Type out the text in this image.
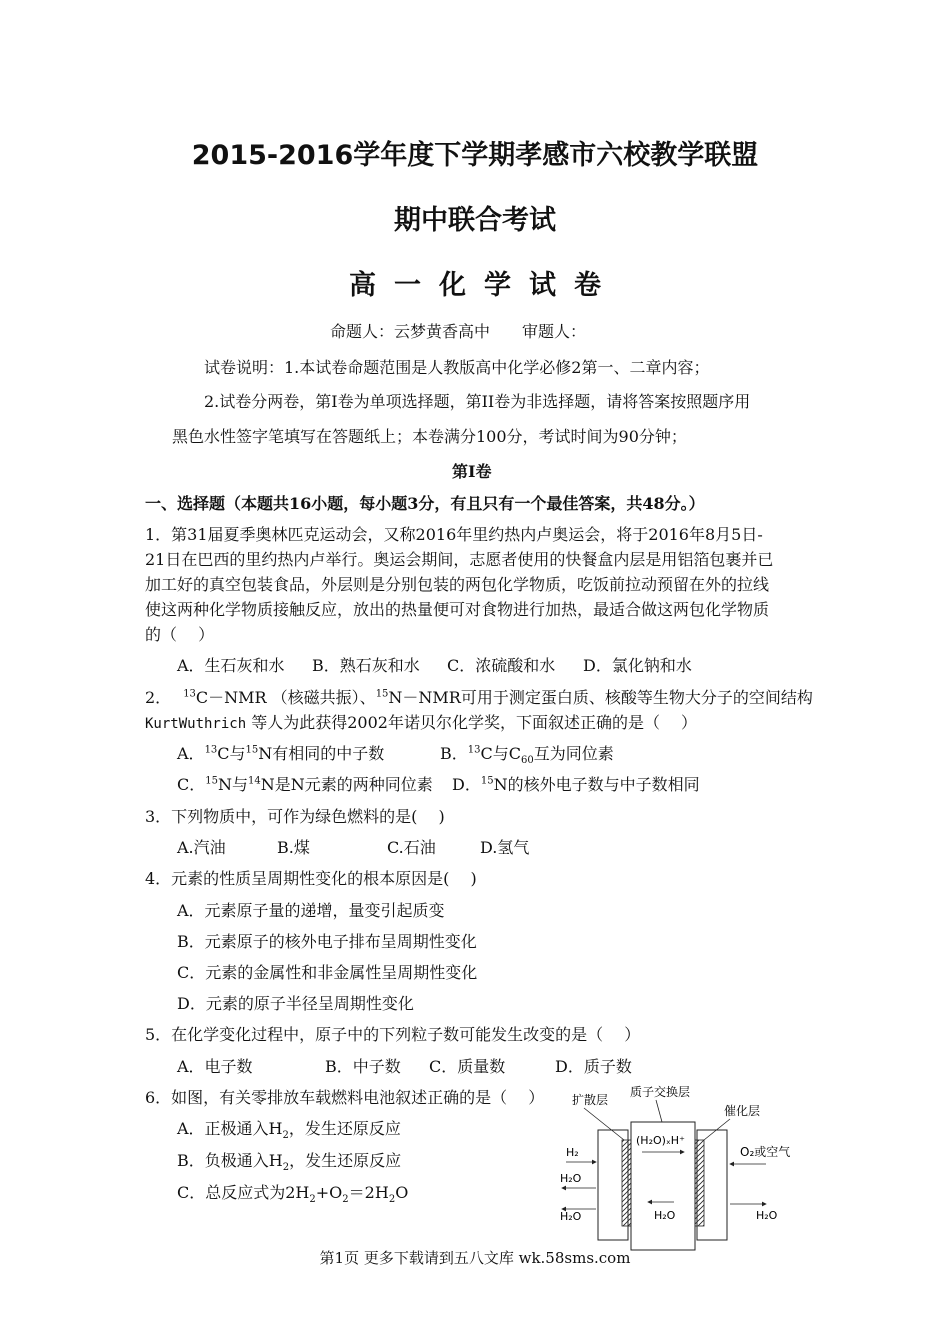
2015-2016学年度下学期孝感市六校教学联盟
期中联合考试
高一化学试卷
命题人：云梦黄香高中　　审题人：
试卷说明：1.本试卷命题范围是人教版高中化学必修2第一、二章内容；
2.试卷分两卷，第Ⅰ卷为单项选择题，第II卷为非选择题，请将答案按照题序用
黑色水性签字笔填写在答题纸上；本卷满分100分，考试时间为90分钟；
第Ⅰ卷
一、选择题（本题共16小题，每小题3分，有且只有一个最佳答案，共48分。）
1．第31届夏季奥林匹克运动会，又称2016年里约热内卢奥运会，将于2016年8月5日-
21日在巴西的里约热内卢举行。奥运会期间，志愿者使用的快餐盒内层是用铝箔包裹并已
加工好的真空包装食品，外层则是分别包装的两包化学物质，吃饭前拉动预留在外的拉线
使这两种化学物质接触反应，放出的热量便可对食物进行加热，最适合做这两包化学物质
的（　 ）
A．生石灰和水 B．熟石灰和水 C．浓硫酸和水 D．氯化钠和水
2． $^{13}$C－NMR （核磁共振）、$^{15}$N－NMR可用于测定蛋白质、核酸等生物大分子的空间结构
KurtWuthrich 等人为此获得2002年诺贝尔化学奖，下面叙述正确的是（　 ）
A．$^{13}$C与$^{15}$N有相同的中子数	B．$^{13}$C与$C_{60}$互为同位素
C．$^{15}$N与$^{14}$N是N元素的两种同位素 D．$^{15}$N的核外电子数与中子数相同
3．下列物质中，可作为绿色燃料的是(　 )
A.汽油	B.煤	C.石油	D.氢气
4．元素的性质呈周期性变化的根本原因是(　 )
A．元素原子量的递增，量变引起质变
B．元素原子的核外电子排布呈周期性变化
C．元素的金属性和非金属性呈周期性变化
D．元素的原子半径呈周期性变化
5．在化学变化过程中，原子中的下列粒子数可能发生改变的是（　 ）
A．电子数	B．中子数 C．质量数	D．质子数
6．如图，有关零排放车载燃料电池叙述正确的是（　 ）
A．正极通入$H_2$，发生还原反应
B．负极通入$H_2$，发生还原反应
C．总反应式为$2H_2+O_2=2H_2O$
扩散层
质子交换层
催化层
(H₂O)ₓH⁺
H₂
H₂O
H₂O
O₂或空气
H₂O
H₂O
第1页 更多下载请到五八文库 wk.58sms.com
